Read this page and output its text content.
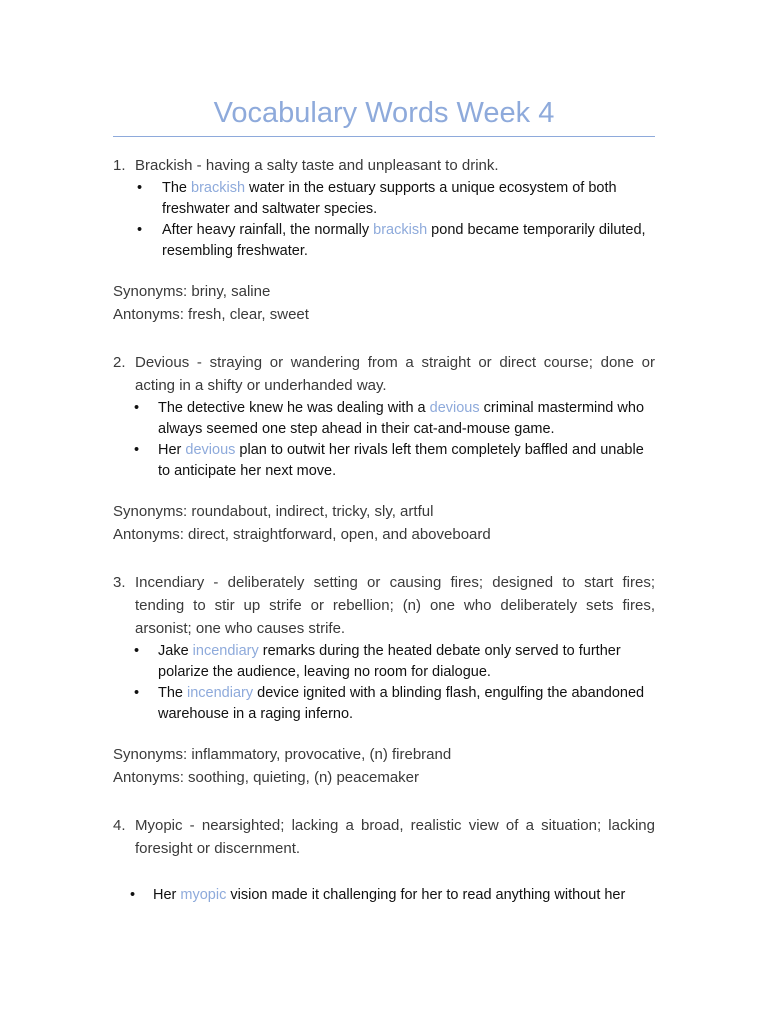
Vocabulary Words Week 4

1. Brackish - having a salty taste and unpleasant to drink.

• The brackish water in the estuary supports a unique ecosystem of both freshwater and saltwater species.
• After heavy rainfall, the normally brackish pond became temporarily diluted, resembling freshwater.

Synonyms: briny, saline

Antonyms: fresh, clear, sweet

2. Devious - straying or wandering from a straight or direct course; done or acting in a shifty or underhanded way.

• The detective knew he was dealing with a devious criminal mastermind who always seemed one step ahead in their cat-and-mouse game.
• Her devious plan to outwit her rivals left them completely baffled and unable to anticipate her next move.

Synonyms: roundabout, indirect, tricky, sly, artful

Antonyms: direct, straightforward, open, and aboveboard

3. Incendiary - deliberately setting or causing fires; designed to start fires; tending to stir up strife or rebellion; (n) one who deliberately sets fires, arsonist; one who causes strife.

• Jake incendiary remarks during the heated debate only served to further polarize the audience, leaving no room for dialogue.
• The incendiary device ignited with a blinding flash, engulfing the abandoned warehouse in a raging inferno.

Synonyms: inflammatory, provocative, (n) firebrand

Antonyms: soothing, quieting, (n) peacemaker

4. Myopic - nearsighted; lacking a broad, realistic view of a situation; lacking foresight or discernment.

• Her myopic vision made it challenging for her to read anything without her
